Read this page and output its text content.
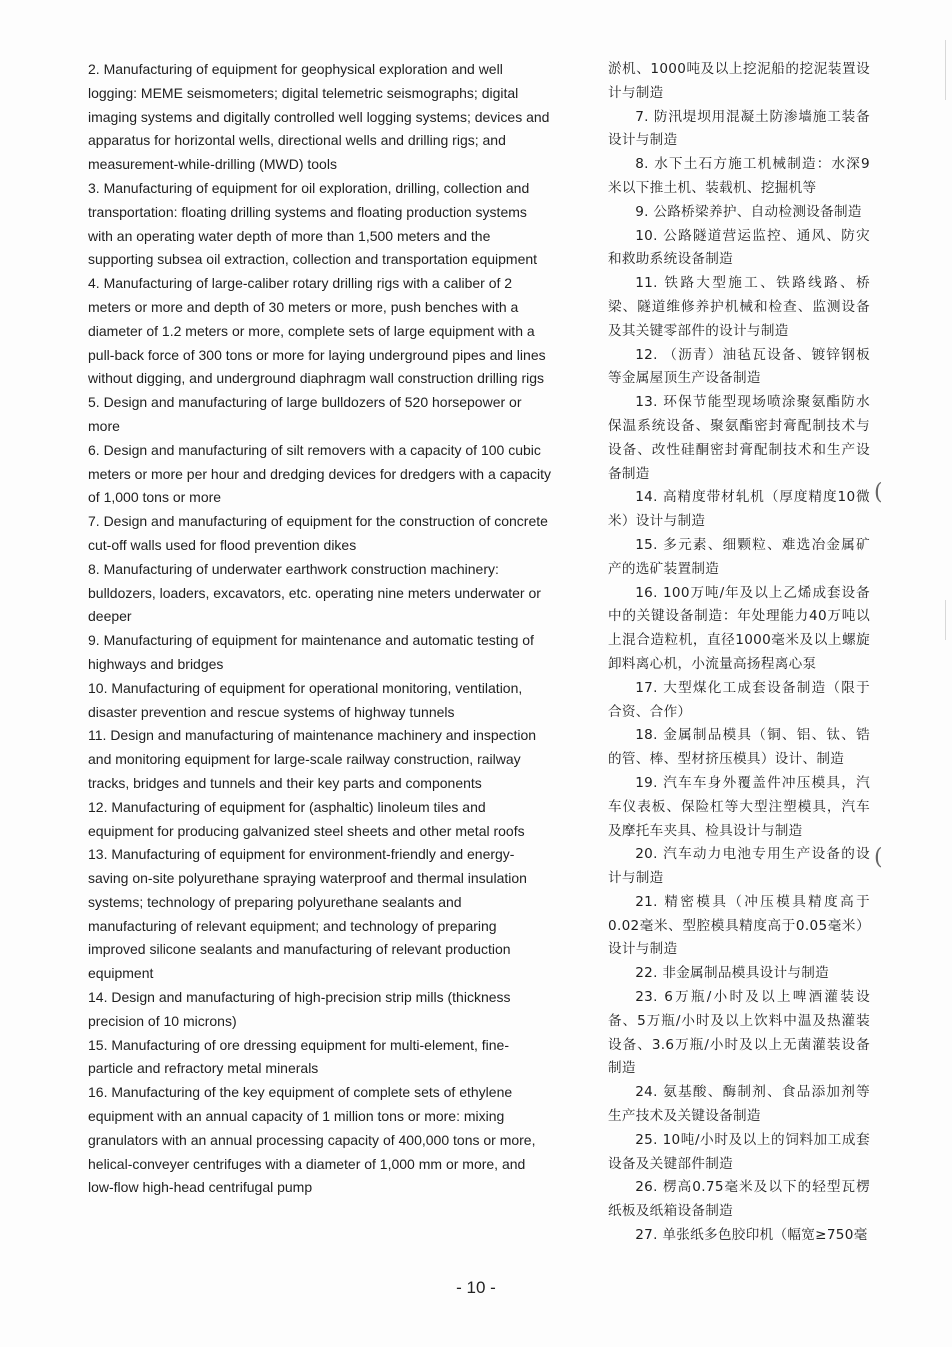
2. Manufacturing of equipment for geophysical exploration and well logging: MEME seismometers; digital telemetric seismographs; digital imaging systems and digitally controlled well logging systems; devices and apparatus for horizontal wells, directional wells and drilling rigs; and measurement-while-drilling (MWD) tools

3. Manufacturing of equipment for oil exploration, drilling, collection and transportation: floating drilling systems and floating production systems with an operating water depth of more than 1,500 meters and the supporting subsea oil extraction, collection and transportation equipment

4. Manufacturing of large-caliber rotary drilling rigs with a caliber of 2 meters or more and depth of 30 meters or more, push benches with a diameter of 1.2 meters or more, complete sets of large equipment with a pull-back force of 300 tons or more for laying underground pipes and lines without digging, and underground diaphragm wall construction drilling rigs

5. Design and manufacturing of large bulldozers of 520 horsepower or more

6. Design and manufacturing of silt removers with a capacity of 100 cubic meters or more per hour and dredging devices for dredgers with a capacity of 1,000 tons or more

7. Design and manufacturing of equipment for the construction of concrete cut-off walls used for flood prevention dikes

8. Manufacturing of underwater earthwork construction machinery: bulldozers, loaders, excavators, etc. operating nine meters underwater or deeper

9. Manufacturing of equipment for maintenance and automatic testing of highways and bridges

10. Manufacturing of equipment for operational monitoring, ventilation, disaster prevention and rescue systems of highway tunnels

11. Design and manufacturing of maintenance machinery and inspection and monitoring equipment for large-scale railway construction, railway tracks, bridges and tunnels and their key parts and components

12. Manufacturing of equipment for (asphaltic) linoleum tiles and equipment for producing galvanized steel sheets and other metal roofs

13. Manufacturing of equipment for environment-friendly and energy-saving on-site polyurethane spraying waterproof and thermal insulation systems; technology of preparing polyurethane sealants and manufacturing of relevant equipment; and technology of preparing improved silicone sealants and manufacturing of relevant production equipment

14. Design and manufacturing of high-precision strip mills (thickness precision of 10 microns)

15. Manufacturing of ore dressing equipment for multi-element, fine-particle and refractory metal minerals

16. Manufacturing of the key equipment of complete sets of ethylene equipment with an annual capacity of 1 million tons or more: mixing granulators with an annual processing capacity of 400,000 tons or more, helical-conveyer centrifuges with a diameter of 1,000 mm or more, and low-flow high-head centrifugal pump

淤机、1000吨及以上挖泥船的挖泥装置设计与制造

7. 防汛堤坝用混凝土防渗墙施工装备设计与制造

8. 水下土石方施工机械制造：水深9米以下推土机、装载机、挖掘机等

9. 公路桥梁养护、自动检测设备制造

10. 公路隧道营运监控、通风、防灾和救助系统设备制造

11. 铁路大型施工、铁路线路、桥梁、隧道维修养护机械和检查、监测设备及其关键零部件的设计与制造

12. （沥青）油毡瓦设备、镀锌钢板等金属屋顶生产设备制造

13. 环保节能型现场喷涂聚氨酯防水保温系统设备、聚氨酯密封膏配制技术与设备、改性硅酮密封膏配制技术和生产设备制造

14. 高精度带材轧机（厚度精度10微米）设计与制造

15. 多元素、细颗粒、难选冶金属矿产的选矿装置制造

16. 100万吨/年及以上乙烯成套设备中的关键设备制造：年处理能力40万吨以上混合造粒机，直径1000毫米及以上螺旋卸料离心机，小流量高扬程离心泵

17. 大型煤化工成套设备制造（限于合资、合作）

18. 金属制品模具（铜、铝、钛、锆的管、棒、型材挤压模具）设计、制造

19. 汽车车身外覆盖件冲压模具，汽车仪表板、保险杠等大型注塑模具，汽车及摩托车夹具、检具设计与制造

20. 汽车动力电池专用生产设备的设计与制造

21. 精密模具（冲压模具精度高于0.02毫米、型腔模具精度高于0.05毫米）设计与制造

22. 非金属制品模具设计与制造

23. 6万瓶/小时及以上啤酒灌装设备、5万瓶/小时及以上饮料中温及热灌装设备、3.6万瓶/小时及以上无菌灌装设备制造

24. 氨基酸、酶制剂、食品添加剂等生产技术及关键设备制造

25. 10吨/小时及以上的饲料加工成套设备及关键部件制造

26. 楞高0.75毫米及以下的轻型瓦楞纸板及纸箱设备制造

27. 单张纸多色胶印机（幅宽≥750毫

(
(
- 10 -
